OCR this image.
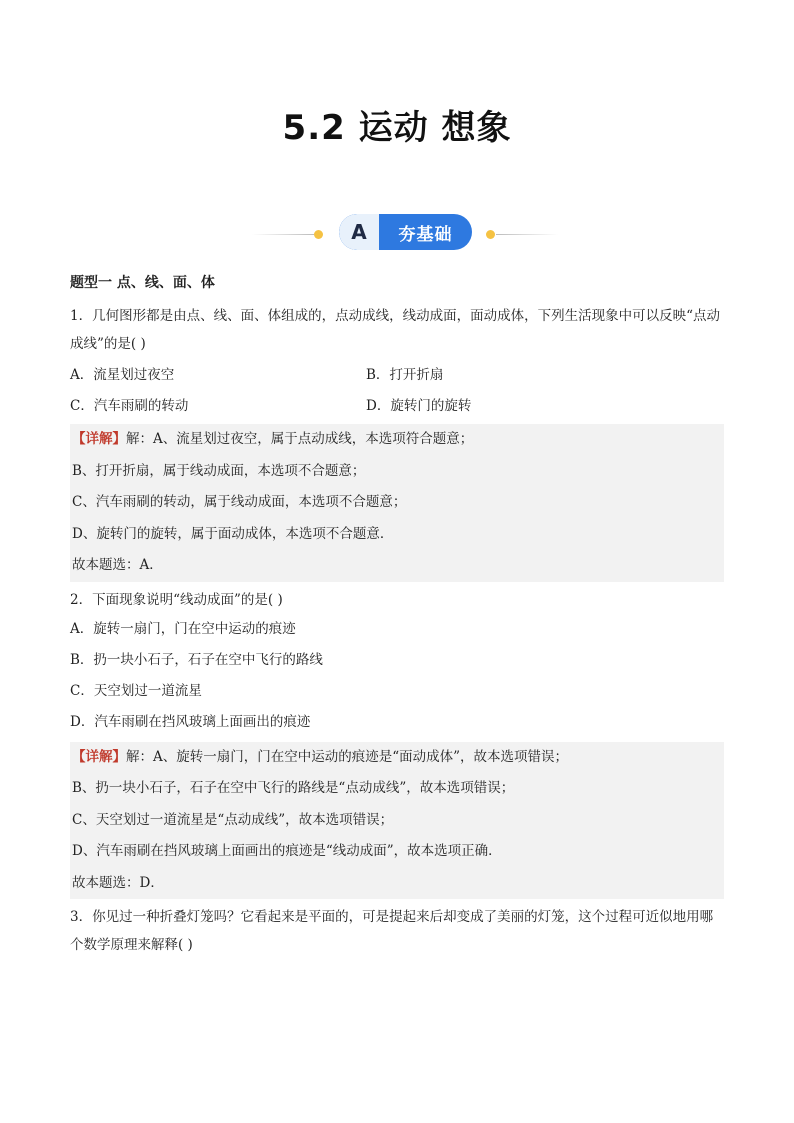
5.2 运动 想象
A	夯基础
题型一 点、线、面、体

1．几何图形都是由点、线、面、体组成的，点动成线，线动成面，面动成体，下列生活现象中可以反映“点动成线”的是( )

A．流星划过夜空	B．打开折扇
C．汽车雨刷的转动	D．旋转门的旋转
【详解】解：A、流星划过夜空，属于点动成线，本选项符合题意；
B、打开折扇，属于线动成面，本选项不合题意；
C、汽车雨刷的转动，属于线动成面，本选项不合题意；
D、旋转门的旋转，属于面动成体，本选项不合题意．
故本题选：A．

2．下面现象说明“线动成面”的是( )

A．旋转一扇门，门在空中运动的痕迹
B．扔一块小石子，石子在空中飞行的路线
C．天空划过一道流星
D．汽车雨刷在挡风玻璃上面画出的痕迹
【详解】解：A、旋转一扇门，门在空中运动的痕迹是“面动成体”，故本选项错误；
B、扔一块小石子，石子在空中飞行的路线是“点动成线”，故本选项错误；
C、天空划过一道流星是“点动成线”，故本选项错误；
D、汽车雨刷在挡风玻璃上面画出的痕迹是“线动成面”，故本选项正确．
故本题选：D．

3．你见过一种折叠灯笼吗？它看起来是平面的，可是提起来后却变成了美丽的灯笼，这个过程可近似地用哪个数学原理来解释( )
